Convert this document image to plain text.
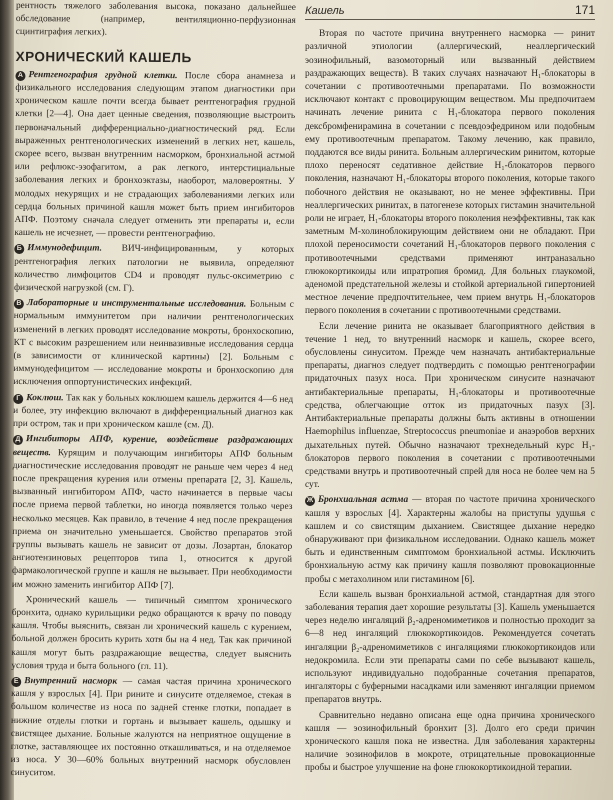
рентность тяжелого заболевания высока, показано дальнейшее обследование (например, вентиляционно-перфузионная сцинтиграфия легких).

ХРОНИЧЕСКИЙ КАШЕЛЬ

A Рентгенография грудной клетки. После сбора анамнеза и физикального исследования следующим этапом диагностики при хроническом кашле почти всегда бывает рентгенография грудной клетки [2—4]. Она дает ценные сведения, позволяющие выстроить первоначальный дифференциально-диагностический ряд. Если выраженных рентгенологических изменений в легких нет, кашель, скорее всего, вызван внутренним насморком, бронхиальной астмой или рефлюкс-эзофагитом, а рак легкого, интерстициальные заболевания легких и бронхоэктазы, наоборот, маловероятны. У молодых некурящих и не страдающих заболеваниями легких или сердца больных причиной кашля может быть прием ингибиторов АПФ. Поэтому сначала следует отменить эти препараты и, если кашель не исчезнет, — провести рентгенографию.

Б Иммунодефицит. ВИЧ-инфицированным, у которых рентгенография легких патологии не выявила, определяют количество лимфоцитов CD4 и проводят пульс-оксиметрию с физической нагрузкой (см. Г).

В Лабораторные и инструментальные исследования. Больным с нормальным иммунитетом при наличии рентгенологических изменений в легких проводят исследование мокроты, бронхоскопию, КТ с высоким разрешением или неинвазивные исследования сердца (в зависимости от клинической картины) [2]. Больным с иммунодефицитом — исследование мокроты и бронхоскопию для исключения оппортунистических инфекций.

Г Коклюш. Так как у больных коклюшем кашель держится 4—6 нед и более, эту инфекцию включают в дифференциальный диагноз как при остром, так и при хроническом кашле (см. Д).

Д Ингибиторы АПФ, курение, воздействие раздражающих веществ. Курящим и получающим ингибиторы АПФ больным диагностические исследования проводят не раньше чем через 4 нед после прекращения курения или отмены препарата [2, 3]. Кашель, вызванный ингибитором АПФ, часто начинается в первые часы после приема первой таблетки, но иногда появляется только через несколько месяцев. Как правило, в течение 4 нед после прекращения приема он значительно уменьшается. Свойство препаратов этой группы вызывать кашель не зависит от дозы. Лозартан, блокатор ангиотензиновых рецепторов типа 1, относится к другой фармакологической группе и кашля не вызывает. При необходимости им можно заменить ингибитор АПФ [7].

Хронический кашель — типичный симптом хронического бронхита, однако курильщики редко обращаются к врачу по поводу кашля. Чтобы выяснить, связан ли хронический кашель с курением, больной должен бросить курить хотя бы на 4 нед. Так как причиной кашля могут быть раздражающие вещества, следует выяснить условия труда и быта больного (гл. 11).

Е Внутренний насморк — самая частая причина хронического кашля у взрослых [4]. При рините и синусите отделяемое, стекая в большом количестве из носа по задней стенке глотки, попадает в нижние отделы глотки и гортань и вызывает кашель, одышку и свистящее дыхание. Больные жалуются на неприятное ощущение в глотке, заставляющее их постоянно откашливаться, и на отделяемое из носа. У 30—60% больных внутренний насморк обусловлен синуситом.

Кашель	171

Вторая по частоте причина внутреннего насморка — ринит различной этиологии (аллергический, неаллергический эозинофильный, вазомоторный или вызванный действием раздражающих веществ). В таких случаях назначают H₁-блокаторы в сочетании с противоотечными препаратами. По возможности исключают контакт с провоцирующим веществом. Мы предпочитаем начинать лечение ринита с H₁-блокатора первого поколения дексбромфенирамина в сочетании с псевдоэфедрином или подобным ему противоотечным препаратом. Такому лечению, как правило, поддаются все виды ринита. Больным аллергическим ринитом, которые плохо переносят седативное действие H₁-блокаторов первого поколения, назначают H₁-блокаторы второго поколения, которые такого побочного действия не оказывают, но не менее эффективны. При неаллергических ринитах, в патогенезе которых гистамин значительной роли не играет, H₁-блокаторы второго поколения неэффективны, так как заметным М-холиноблокирующим действием они не обладают. При плохой переносимости сочетаний H₁-блокаторов первого поколения с противоотечными средствами применяют интраназально глюкокортикоиды или ипратропия бромид. Для больных глаукомой, аденомой предстательной железы и стойкой артериальной гипертонией местное лечение предпочтительнее, чем прием внутрь H₁-блокаторов первого поколения в сочетании с противоотечными средствами.

Если лечение ринита не оказывает благоприятного действия в течение 1 нед, то внутренний насморк и кашель, скорее всего, обусловлены синуситом. Прежде чем назначать антибактериальные препараты, диагноз следует подтвердить с помощью рентгенографии придаточных пазух носа. При хроническом синусите назначают антибактериальные препараты, H₁-блокаторы и противоотечные средства, облегчающие отток из придаточных пазух [3]. Антибактериальные препараты должны быть активны в отношении Haemophilus influenzae, Streptococcus pneumoniae и анаэробов верхних дыхательных путей. Обычно назначают трехнедельный курс H₁-блокаторов первого поколения в сочетании с противоотечными средствами внутрь и противоотечный спрей для носа не более чем на 5 сут.

Ж Бронхиальная астма — вторая по частоте причина хронического кашля у взрослых [4]. Характерны жалобы на приступы удушья с кашлем и со свистящим дыханием. Свистящее дыхание нередко обнаруживают при физикальном исследовании. Однако кашель может быть и единственным симптомом бронхиальной астмы. Исключить бронхиальную астму как причину кашля позволяют провокационные пробы с метахолином или гистамином [6].

Если кашель вызван бронхиальной астмой, стандартная для этого заболевания терапия дает хорошие результаты [3]. Кашель уменьшается через неделю ингаляций β₂-адреномиметиков и полностью проходит за 6—8 нед ингаляций глюкокортикоидов. Рекомендуется сочетать ингаляции β₂-адреномиметиков с ингаляциями глюкокортикоидов или недокромила. Если эти препараты сами по себе вызывают кашель, используют индивидуально подобранные сочетания препаратов, ингаляторы с буферными насадками или заменяют ингаляции приемом препаратов внутрь.

Сравнительно недавно описана еще одна причина хронического кашля — эозинофильный бронхит [3]. Долго его среди причин хронического кашля пока не известна. Для заболевания характерны наличие эозинофилов в мокроте, отрицательные провокационные пробы и быстрое улучшение на фоне глюкокортикоидной терапии.
